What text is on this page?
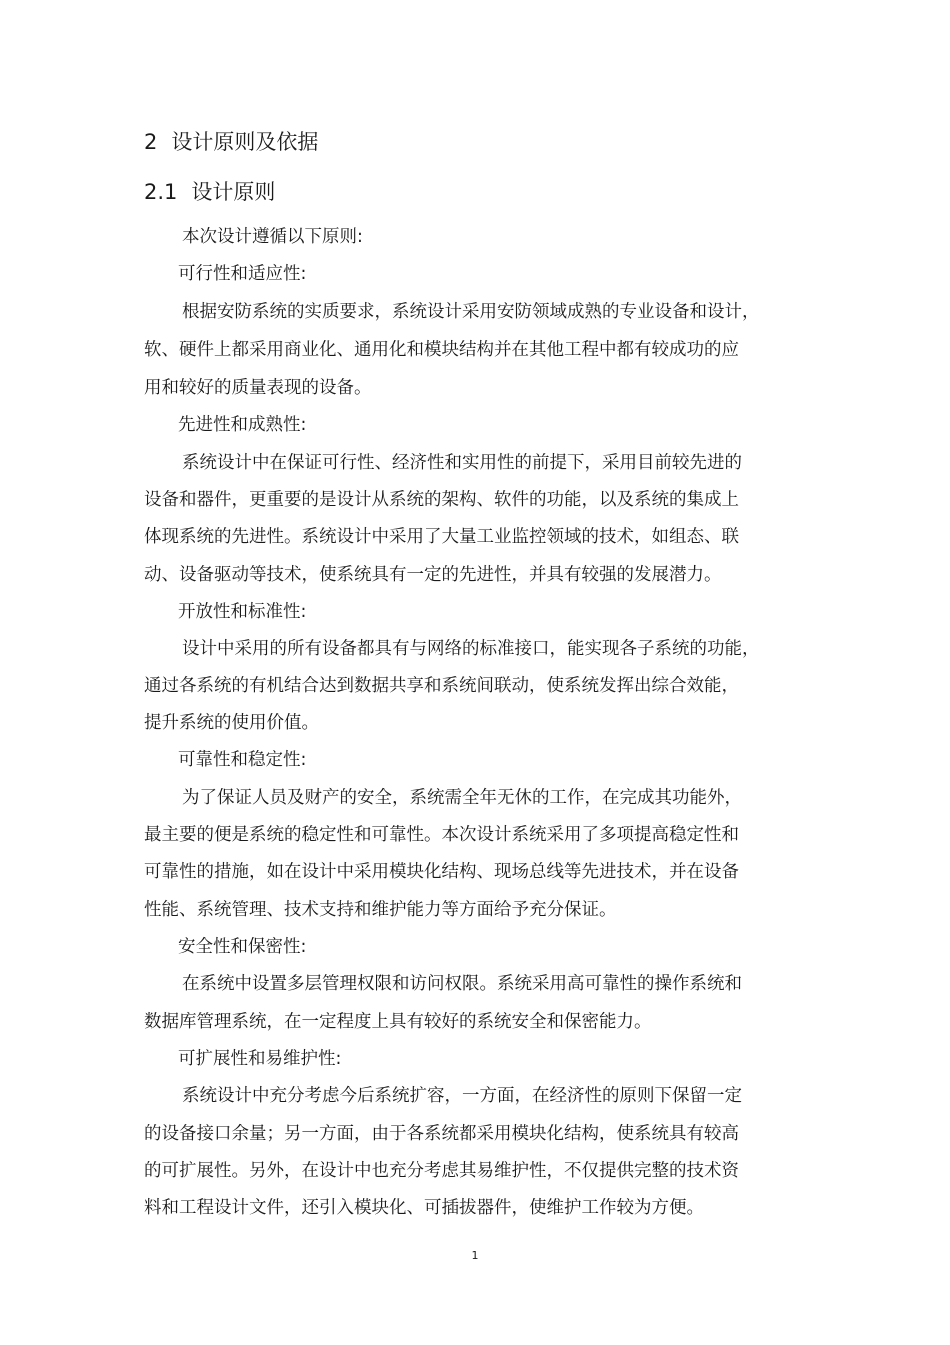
2 设计原则及依据
2.1 设计原则
本次设计遵循以下原则:
可行性和适应性:
根据安防系统的实质要求，系统设计采用安防领域成熟的专业设备和设计，
软、硬件上都采用商业化、通用化和模块结构并在其他工程中都有较成功的应
用和较好的质量表现的设备。
先进性和成熟性:
系统设计中在保证可行性、经济性和实用性的前提下，采用目前较先进的
设备和器件，更重要的是设计从系统的架构、软件的功能，以及系统的集成上
体现系统的先进性。系统设计中采用了大量工业监控领域的技术，如组态、联
动、设备驱动等技术，使系统具有一定的先进性，并具有较强的发展潜力。
开放性和标准性:
设计中采用的所有设备都具有与网络的标准接口，能实现各子系统的功能，
通过各系统的有机结合达到数据共享和系统间联动，使系统发挥出综合效能，
提升系统的使用价值。
可靠性和稳定性:
为了保证人员及财产的安全，系统需全年无休的工作，在完成其功能外，
最主要的便是系统的稳定性和可靠性。本次设计系统采用了多项提高稳定性和
可靠性的措施，如在设计中采用模块化结构、现场总线等先进技术，并在设备
性能、系统管理、技术支持和维护能力等方面给予充分保证。
安全性和保密性:
在系统中设置多层管理权限和访问权限。系统采用高可靠性的操作系统和
数据库管理系统，在一定程度上具有较好的系统安全和保密能力。
可扩展性和易维护性:
系统设计中充分考虑今后系统扩容，一方面，在经济性的原则下保留一定
的设备接口余量；另一方面，由于各系统都采用模块化结构，使系统具有较高
的可扩展性。另外，在设计中也充分考虑其易维护性，不仅提供完整的技术资
料和工程设计文件，还引入模块化、可插拔器件，使维护工作较为方便。
1
